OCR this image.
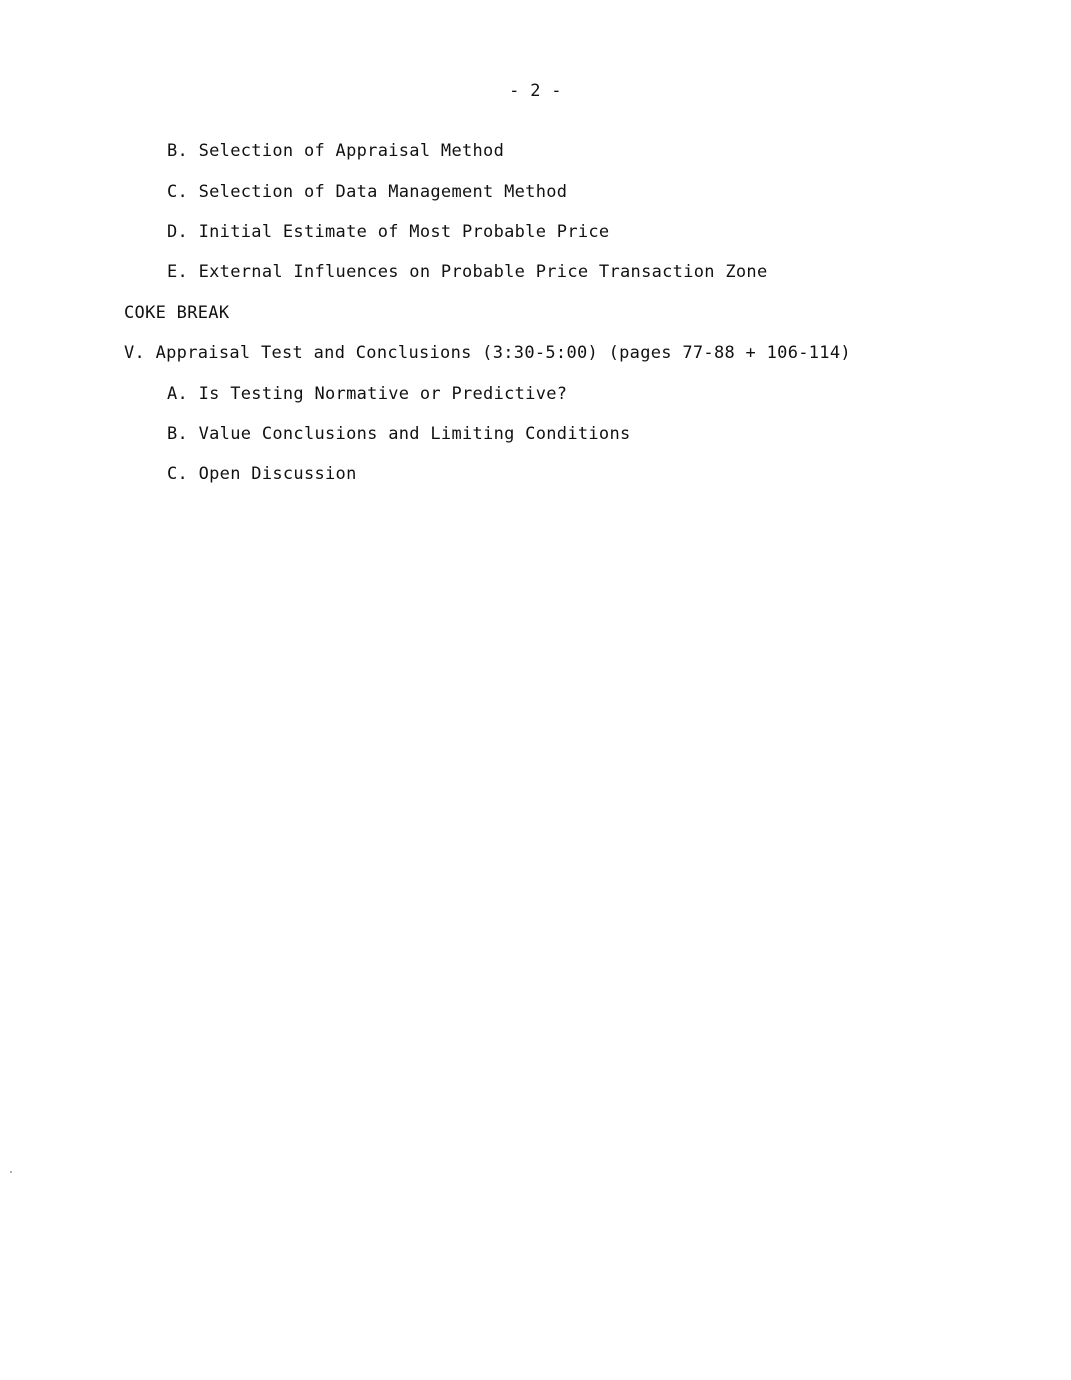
- 2 -
B. Selection of Appraisal Method
C. Selection of Data Management Method
D. Initial Estimate of Most Probable Price
E. External Influences on Probable Price Transaction Zone
COKE BREAK
V. Appraisal Test and Conclusions (3:30-5:00) (pages 77-88 + 106-114)
A. Is Testing Normative or Predictive?
B. Value Conclusions and Limiting Conditions
C. Open Discussion
